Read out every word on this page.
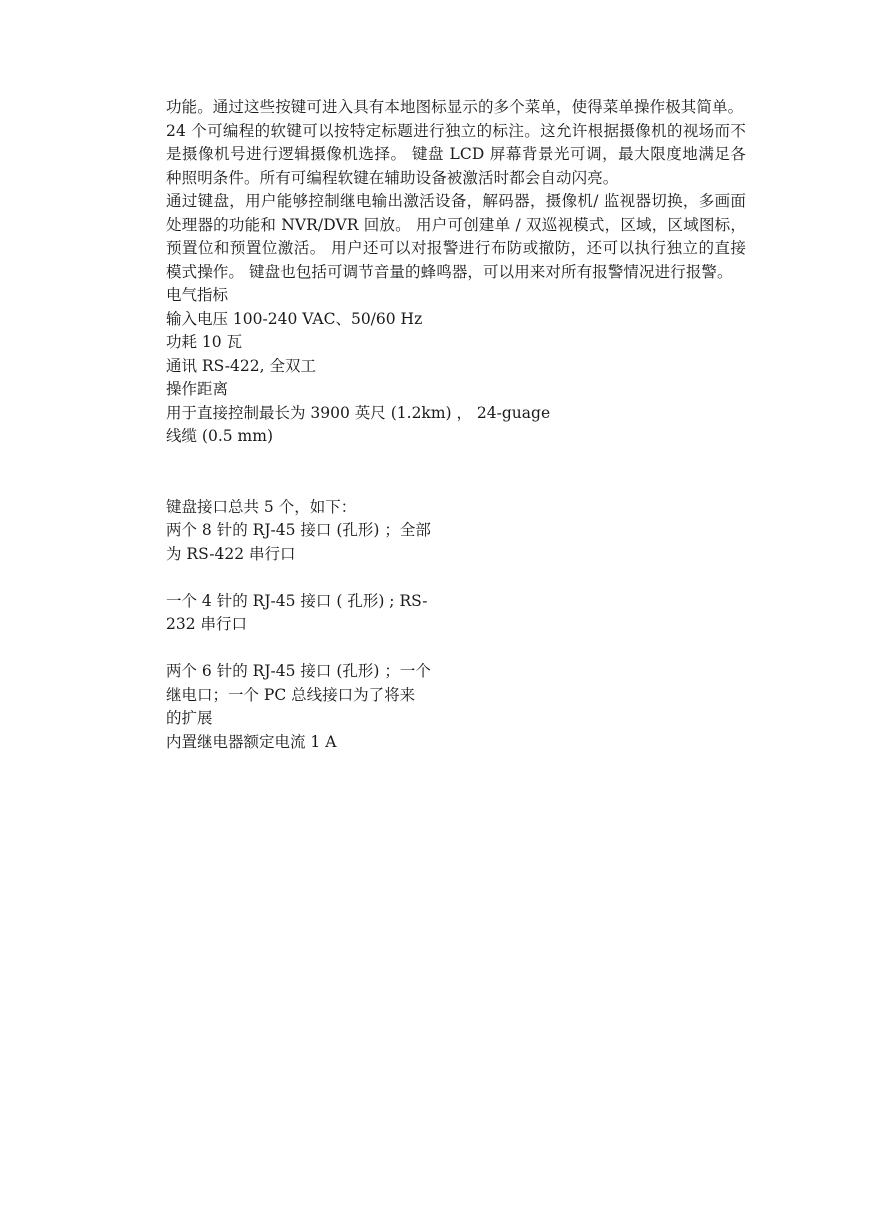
功能。通过这些按键可进入具有本地图标显示的多个菜单，使得菜单操作极其简单。

24 个可编程的软键可以按特定标题进行独立的标注。这允许根据摄像机的视场而不是摄像机号进行逻辑摄像机选择。 键盘 LCD 屏幕背景光可调，最大限度地满足各种照明条件。所有可编程软键在辅助设备被激活时都会自动闪亮。

通过键盘，用户能够控制继电输出激活设备，解码器，摄像机/ 监视器切换，多画面处理器的功能和 NVR/DVR 回放。 用户可创建单 / 双巡视模式，区域，区域图标，预置位和预置位激活。 用户还可以对报警进行布防或撤防，还可以执行独立的直接模式操作。 键盘也包括可调节音量的蜂鸣器，可以用来对所有报警情况进行报警。

电气指标

输入电压 100-240 VAC、50/60 Hz

功耗 10 瓦

通讯 RS-422, 全双工

操作距离

用于直接控制最长为 3900 英尺 (1.2km) ， 24-guage

线缆 (0.5 mm)

键盘接口总共 5 个，如下：

两个 8 针的 RJ-45 接口 (孔形) ；全部

为 RS-422 串行口

一个 4 针的 RJ-45 接口 ( 孔形) ; RS-

232 串行口

两个 6 针的 RJ-45 接口 (孔形) ；一个

继电口；一个 PC 总线接口为了将来

的扩展

内置继电器额定电流 1 A
